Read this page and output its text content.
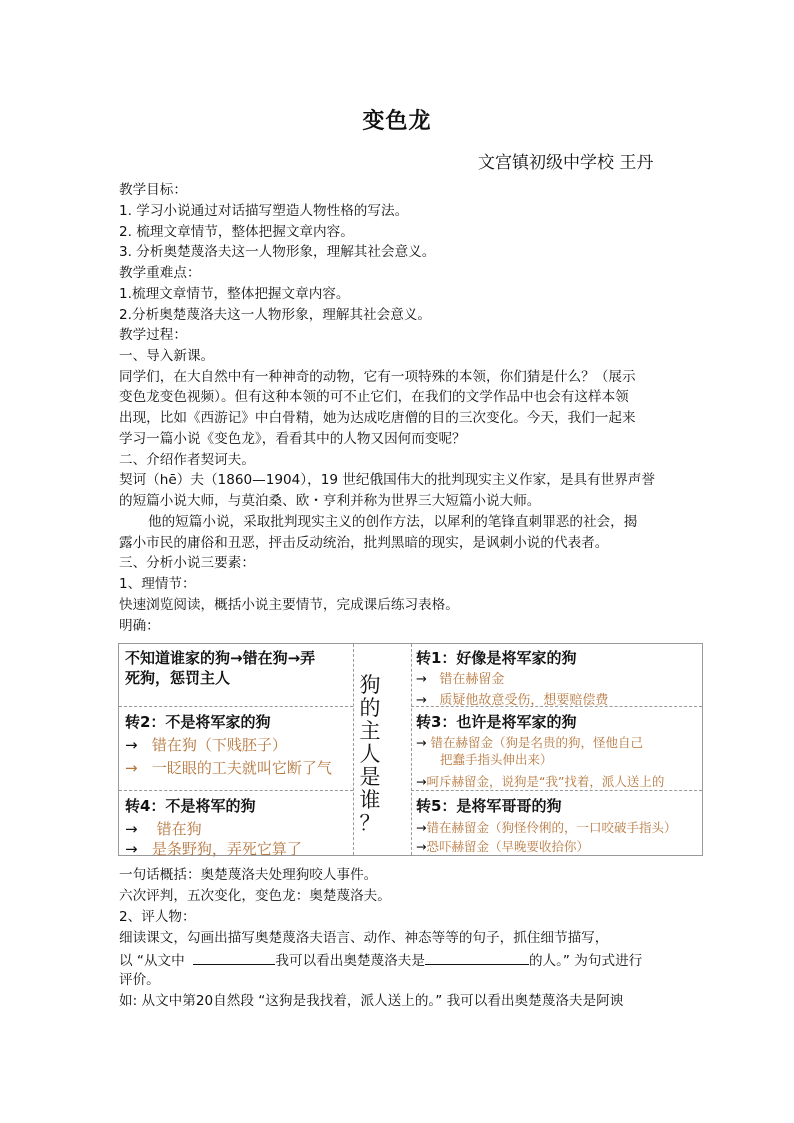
变色龙
文宫镇初级中学校 王丹
教学目标：
1. 学习小说通过对话描写塑造人物性格的写法。
2. 梳理文章情节，整体把握文章内容。
3. 分析奥楚蔑洛夫这一人物形象，理解其社会意义。
教学重难点：
1.梳理文章情节，整体把握文章内容。
2.分析奥楚蔑洛夫这一人物形象，理解其社会意义。
教学过程：
一、导入新课。
同学们，在大自然中有一种神奇的动物，它有一项特殊的本领，你们猜是什么？（展示
变色龙变色视频）。但有这种本领的可不止它们，在我们的文学作品中也会有这样本领
出现，比如《西游记》中白骨精，她为达成吃唐僧的目的三次变化。今天，我们一起来
学习一篇小说《变色龙》，看看其中的人物又因何而变呢？
二、介绍作者契诃夫。
契诃（hē）夫（1860—1904），19 世纪俄国伟大的批判现实主义作家，是具有世界声誉
的短篇小说大师，与莫泊桑、欧・亨利并称为世界三大短篇小说大师。
他的短篇小说，采取批判现实主义的创作方法，以犀利的笔锋直刺罪恶的社会，揭
露小市民的庸俗和丑恶，抨击反动统治，批判黑暗的现实，是讽刺小说的代表者。
三、分析小说三要素：
1、理情节：
快速浏览阅读，概括小说主要情节，完成课后练习表格。
明确：
狗
的
主
人
是
谁
？
不知道谁家的狗→错在狗→弄
死狗，惩罚主人
转1：好像是将军家的狗
→ 错在赫留金
→ 质疑他故意受伤，想要赔偿费
转2：不是将军家的狗
→ 错在狗（下贱胚子）
→ 一眨眼的工夫就叫它断了气
转3：也许是将军家的狗
→ 错在赫留金（狗是名贵的狗，怪他自己
把蠢手指头伸出来）
→呵斥赫留金，说狗是“我”找着，派人送上的
转4：不是将军的狗
→ 错在狗
→ 是条野狗，弄死它算了
转5：是将军哥哥的狗
→错在赫留金（狗怪伶俐的，一口咬破手指头）
→恐吓赫留金（早晚要收拾你）
一句话概括：奥楚蔑洛夫处理狗咬人事件。
六次评判，五次变化，变色龙：奥楚蔑洛夫。
2、评人物：
细读课文，勾画出描写奥楚蔑洛夫语言、动作、神态等等的句子，抓住细节描写，
以 “从文中	我可以看出奥楚蔑洛夫是	的人。” 为句式进行
评价。
如: 从文中第20自然段 “这狗是我找着，派人送上的。” 我可以看出奥楚蔑洛夫是阿谀
